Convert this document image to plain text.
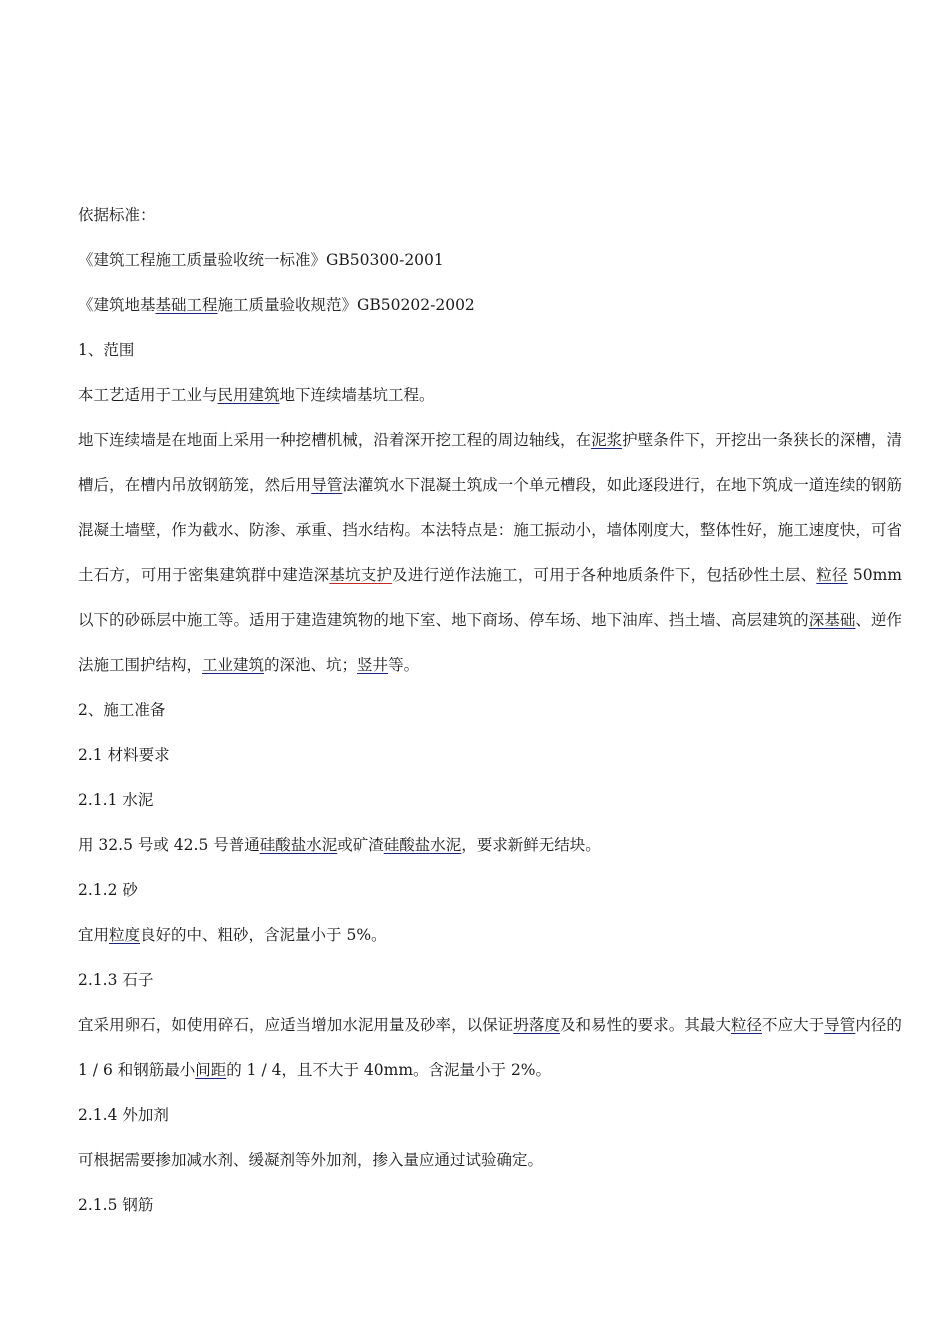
依据标准：

《建筑工程施工质量验收统一标准》GB50300-2001

《建筑地基基础工程施工质量验收规范》GB50202-2002

1、范围

本工艺适用于工业与民用建筑地下连续墙基坑工程。

地下连续墙是在地面上采用一种挖槽机械，沿着深开挖工程的周边轴线，在泥浆护壁条件下，开挖出一条狭长的深槽，清槽后，在槽内吊放钢筋笼，然后用导管法灌筑水下混凝土筑成一个单元槽段，如此逐段进行，在地下筑成一道连续的钢筋混凝土墙壁，作为截水、防渗、承重、挡水结构。本法特点是：施工振动小，墙体刚度大，整体性好，施工速度快，可省土石方，可用于密集建筑群中建造深基坑支护及进行逆作法施工，可用于各种地质条件下，包括砂性土层、粒径 50mm 以下的砂砾层中施工等。适用于建造建筑物的地下室、地下商场、停车场、地下油库、挡土墙、高层建筑的深基础、逆作法施工围护结构，工业建筑的深池、坑；竖井等。

2、施工准备

2.1 材料要求

2.1.1 水泥

用 32.5 号或 42.5 号普通硅酸盐水泥或矿渣硅酸盐水泥，要求新鲜无结块。

2.1.2 砂

宜用粒度良好的中、粗砂，含泥量小于 5%。

2.1.3 石子

宜采用卵石，如使用碎石，应适当增加水泥用量及砂率，以保证坍落度及和易性的要求。其最大粒径不应大于导管内径的 1 / 6 和钢筋最小间距的 1 / 4，且不大于 40mm。含泥量小于 2%。

2.1.4 外加剂

可根据需要掺加减水剂、缓凝剂等外加剂，掺入量应通过试验确定。

2.1.5 钢筋
